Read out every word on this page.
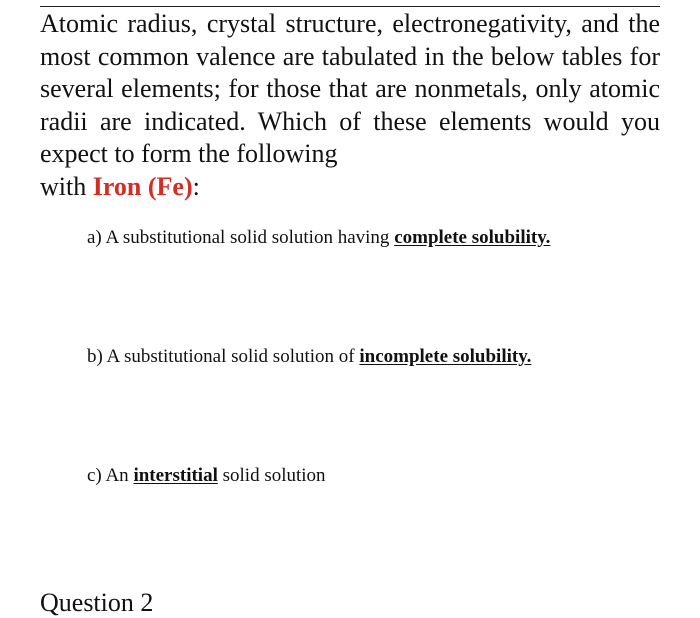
Atomic radius, crystal structure, electronegativity, and the most common valence are tabulated in the below tables for several elements; for those that are nonmetals, only atomic radii are indicated. Which of these elements would you expect to form the following
with Iron (Fe):

a) A substitutional solid solution having complete solubility.

b) A substitutional solid solution of incomplete solubility.

c) An interstitial solid solution

Question 2
